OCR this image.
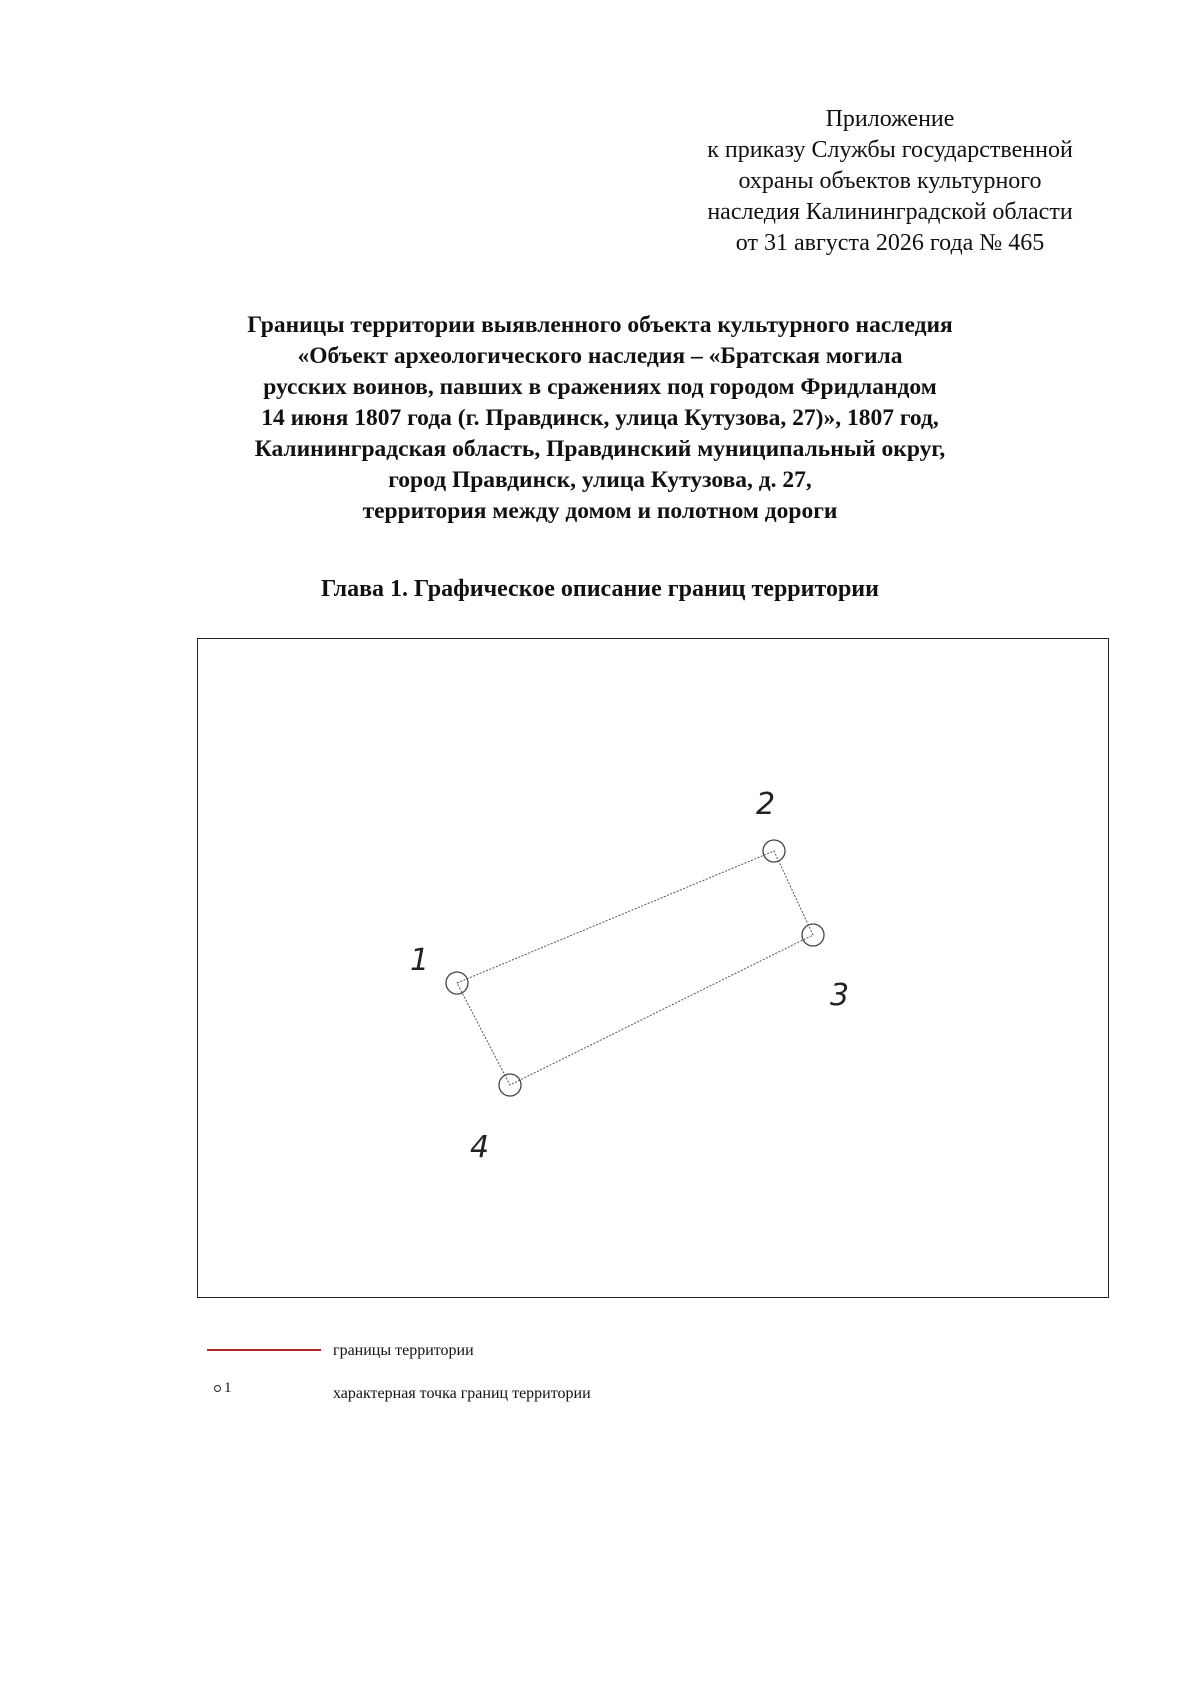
Приложение
к приказу Службы государственной
охраны объектов культурного
наследия Калининградской области
от 31 августа 2026 года № 465
Границы территории выявленного объекта культурного наследия
«Объект археологического наследия – «Братская могила
русских воинов, павших в сражениях под городом Фридландом
14 июня 1807 года (г. Правдинск, улица Кутузова, 27)», 1807 год,
Калининградская область, Правдинский муниципальный округ,
город Правдинск, улица Кутузова, д. 27,
территория между домом и полотном дороги
Глава 1. Графическое описание границ территории
1
2
3
4
границы территории
1	характерная точка границ территории
